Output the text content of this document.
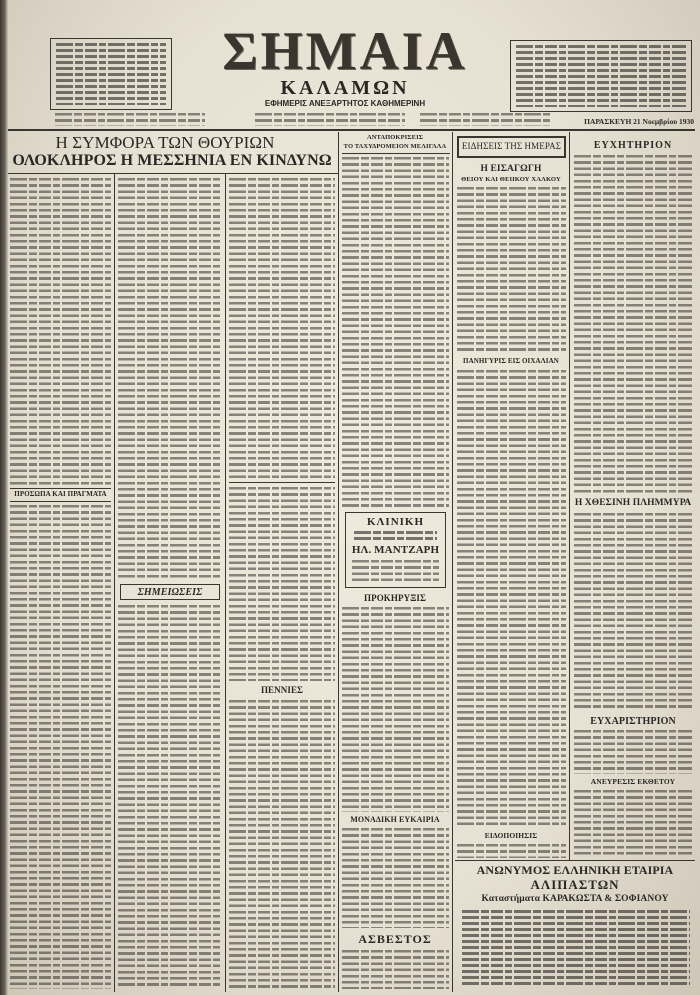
ΣΗΜΑΙΑ
ΚΑΛΑΜΩΝ
ΕΦΗΜΕΡΙΣ ΑΝΕΞΑΡΤΗΤΟΣ ΚΑΘΗΜΕΡΙΝΗ
ΠΑΡΑΣΚΕΥΗ 21 Νοεμβρίου 1930
Η ΣΥΜΦΟΡΑ ΤΩΝ ΘΟΥΡΙΩΝ
ΟΛΟΚΛΗΡΟΣ Η ΜΕΣΣΗΝΙΑ ΕΝ ΚΙΝΔΥΝΩ
ΠΡΟΣΩΠΑ ΚΑΙ ΠΡΑΓΜΑΤΑ
ΣΗΜΕΙΩΣΕΙΣ
ΠΕΝΝΙΕΣ
ΑΝΤΑΠΟΚΡΙΣΕΙΣ
ΤΟ ΤΑΧΥΔΡΟΜΕΙΟΝ ΜΕΛΙΓΑΛΑ
ΚΛΙΝΙΚΗ
ΗΛ. ΜΑΝΤΖΑΡΗ
ΠΡΟΚΗΡΥΞΙΣ
ΜΟΝΑΔΙΚΗ ΕΥΚΑΙΡΙΑ
ΑΣΒΕΣΤΟΣ
ΕΙΔΗΣΕΙΣ ΤΗΣ ΗΜΕΡΑΣ
Η ΕΙΣΑΓΩΓΗ
ΘΕΙΟΥ ΚΑΙ ΘΕΙΙΚΟΥ ΧΑΛΚΟΥ
ΠΑΝΗΓΥΡΙΣ ΕΙΣ ΟΙΧΑΛΙΑΝ
ΕΙΔΟΠΟΙΗΣΙΣ
ΕΥΧΗΤΗΡΙΟΝ
Η ΧΘΕΣΙΝΗ ΠΛΗΜΜΥΡΑ
ΕΥΧΑΡΙΣΤΗΡΙΟΝ
ΑΝΕΥΡΕΣΙΣ ΕΚΘΕΤΟΥ
ΑΝΩΝΥΜΟΣ ΕΛΛΗΝΙΚΗ ΕΤΑΙΡΙΑ
ΑΛΙΠΑΣΤΩΝ
Καταστήματα ΚΑΡΑΚΩΣΤΑ & ΣΟΦΙΑΝΟΥ
